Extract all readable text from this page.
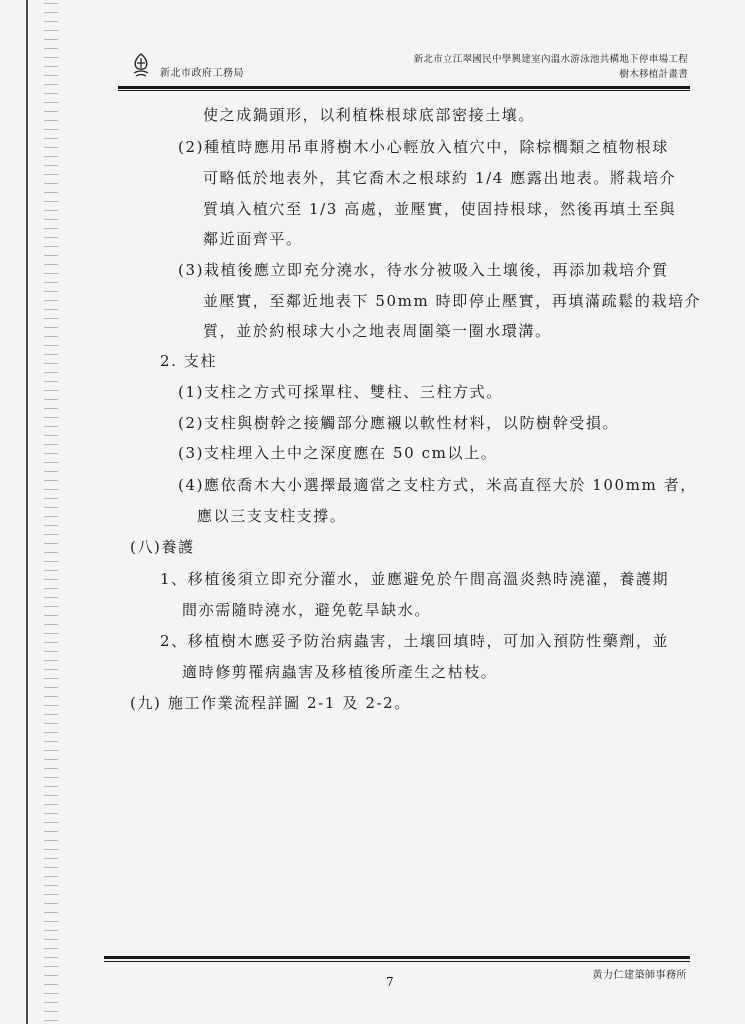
新北市政府工務局
新北市立江翠國民中學興建室內溫水游泳池共構地下停車場工程
樹木移植計畫書
使之成鍋頭形，以利植株根球底部密接土壤。
(2)種植時應用吊車將樹木小心輕放入植穴中，除棕櫚類之植物根球
可略低於地表外，其它喬木之根球約 1/4 應露出地表。將栽培介
質填入植穴至 1/3 高處，並壓實，使固持根球，然後再填土至與
鄰近面齊平。
(3)栽植後應立即充分澆水，待水分被吸入土壤後，再添加栽培介質
並壓實，至鄰近地表下 50mm 時即停止壓實，再填滿疏鬆的栽培介
質，並於約根球大小之地表周圍築一圈水環溝。
2. 支柱
(1)支柱之方式可採單柱、雙柱、三柱方式。
(2)支柱與樹幹之接觸部分應襯以軟性材料，以防樹幹受損。
(3)支柱埋入土中之深度應在 50 cm以上。
(4)應依喬木大小選擇最適當之支柱方式，米高直徑大於 100mm 者，
應以三支支柱支撐。
(八)養護
1、移植後須立即充分灌水，並應避免於午間高溫炎熱時澆灌，養護期
間亦需隨時澆水，避免乾旱缺水。
2、移植樹木應妥予防治病蟲害，土壤回填時，可加入預防性藥劑，並
適時修剪罹病蟲害及移植後所產生之枯枝。
(九) 施工作業流程詳圖 2-1 及 2-2。
黃力仁建築師事務所
7
